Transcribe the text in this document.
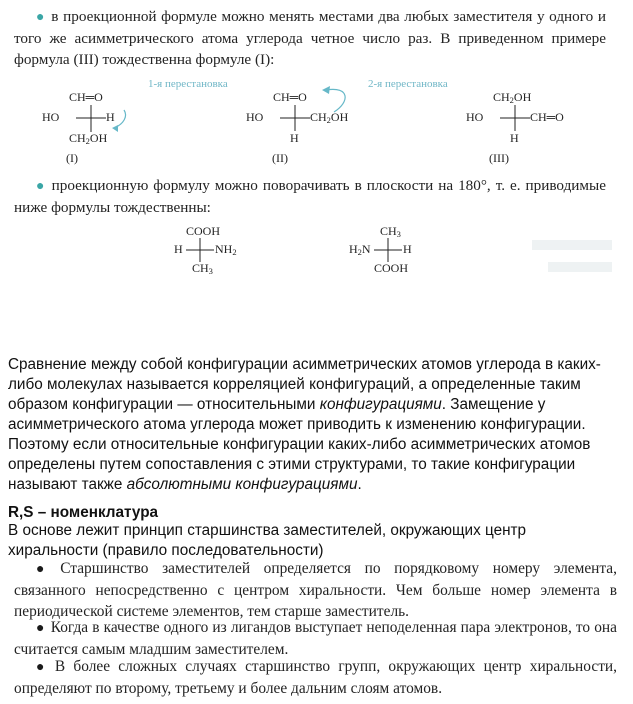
● в проекционной формуле можно менять местами два любых заместителя у одного и того же асимметрического атома углерода четное число раз. В приведенном примере формула (III) тождественна формуле (I):
1-я перестановка	2-я перестановка
CH═O
HO	H
$CH_2OH$
(I)
CH═O
HO	$CH_2OH$
H
(II)
$CH_2OH$
HO	CH═O
H
(III)
● проекционную формулу можно поворачивать в плоскости на 180°, т. е. приводимые ниже формулы тождественны:
COOH
H	$NH_2$
$CH_3$
$CH_3$
$H_2N$	H
COOH
Сравнение между собой конфигурации асимметрических атомов углерода в каких-либо молекулах называется корреляцией конфигураций, а определенные таким образом конфигурации — относительными конфигурациями. Замещение у асимметрического атома углерода может приводить к изменению конфигурации. Поэтому если относительные конфигурации каких-либо асимметрических атомов определены путем сопоставления с этими структурами, то такие конфигурации называют также абсолютными конфигурациями.
R,S – номенклатура
В основе лежит принцип старшинства заместителей, окружающих центр хиральности (правило последовательности)
● Старшинство заместителей определяется по порядковому номеру элемента, связанного непосредственно с центром хиральности. Чем больше номер элемента в периодической системе элементов, тем старше заместитель.
● Когда в качестве одного из лигандов выступает неподеленная пара электронов, то она считается самым младшим заместителем.
● В более сложных случаях старшинство групп, окружающих центр хиральности, определяют по второму, третьему и более дальним слоям атомов.
